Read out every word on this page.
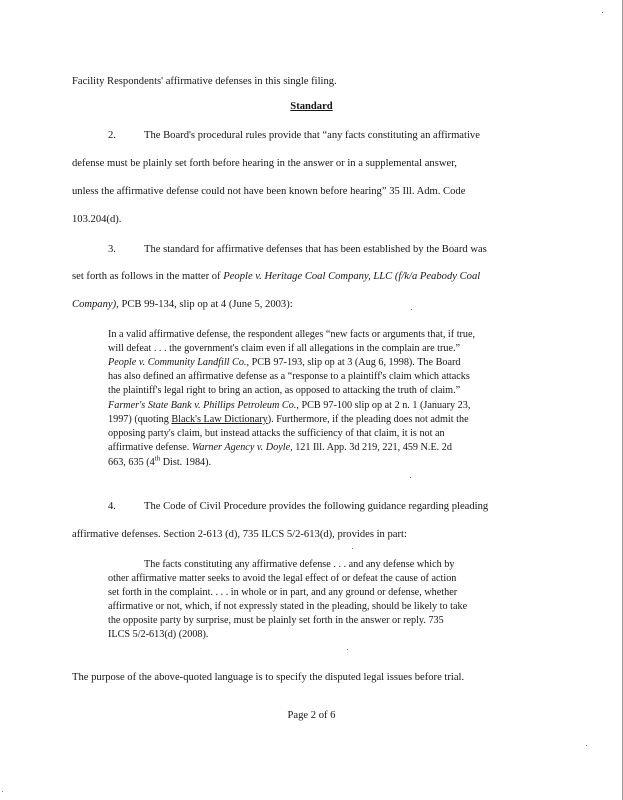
Facility Respondents' affirmative defenses in this single filing.
Standard
2.	The Board's procedural rules provide that “any facts constituting an affirmative
defense must be plainly set forth before hearing in the answer or in a supplemental answer,
unless the affirmative defense could not have been known before hearing” 35 Ill. Adm. Code
103.204(d).
3.	The standard for affirmative defenses that has been established by the Board was
set forth as follows in the matter of People v. Heritage Coal Company, LLC (f/k/a Peabody Coal
Company), PCB 99-134, slip op at 4 (June 5, 2003):
In a valid affirmative defense, the respondent alleges “new facts or arguments that, if true,
will defeat . . . the government's claim even if all allegations in the complain are true.”
People v. Community Landfill Co., PCB 97-193, slip op at 3 (Aug 6, 1998). The Board
has also defined an affirmative defense as a “response to a plaintiff's claim which attacks
the plaintiff's legal right to bring an action, as opposed to attacking the truth of claim.”
Farmer's State Bank v. Phillips Petroleum Co., PCB 97-100 slip op at 2 n. 1 (January 23,
1997) (quoting Black's Law Dictionary). Furthermore, if the pleading does not admit the
opposing party's claim, but instead attacks the sufficiency of that claim, it is not an
affirmative defense. Warner Agency v. Doyle, 121 Ill. App. 3d 219, 221, 459 N.E. 2d
663, 635 (4th Dist. 1984).
4.	The Code of Civil Procedure provides the following guidance regarding pleading
affirmative defenses. Section 2-613 (d), 735 ILCS 5/2-613(d), provides in part:
The facts constituting any affirmative defense . . . and any defense which by
other affirmative matter seeks to avoid the legal effect of or defeat the cause of action
set forth in the complaint. . . . in whole or in part, and any ground or defense, whether
affirmative or not, which, if not expressly stated in the pleading, should be likely to take
the opposite party by surprise, must be plainly set forth in the answer or reply. 735
ILCS 5/2-613(d) (2008).
The purpose of the above-quoted language is to specify the disputed legal issues before trial.
Page 2 of 6
